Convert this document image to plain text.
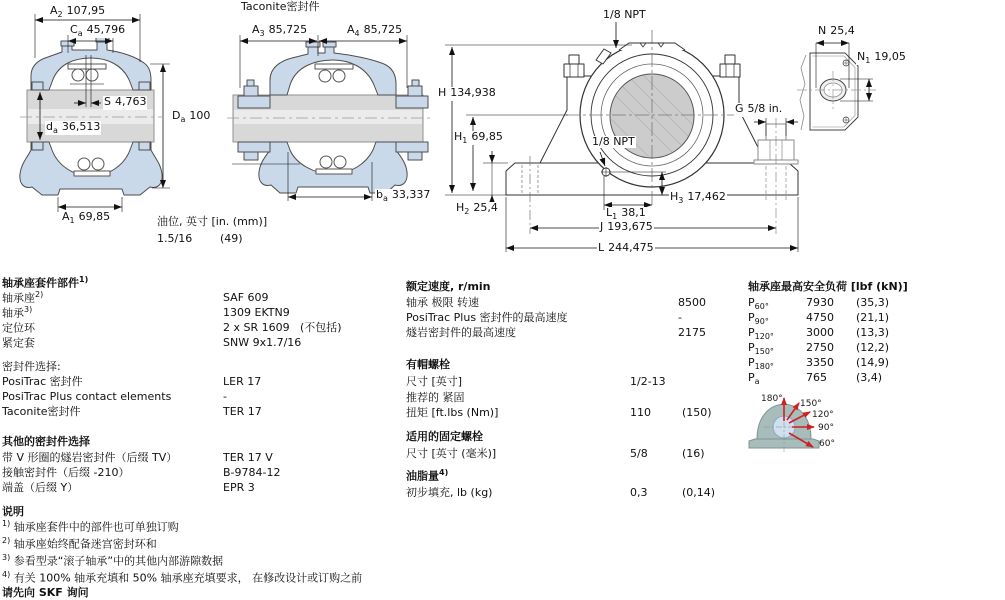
180° 150°
120°
90°
60°
$A_2$ 107,95
$C_a$ 45,796
S 4,763
$d_a$ 36,513
$D_a$ 100
$A_1$ 69,85
Taconite密封件
$A_3$ 85,725	$A_4$ 85,725
$b_a$ 33,337
1/8 NPT
H 134,938
$H_1$ 69,85	1/8 NPT
G 5/8 in.
$H_2$ 25,4
$H_3$ 17,462
$L_1$ 38,1
J 193,675
L 244,475
N 25,4
$N_1$ 19,05
油位, 英寸 [in. (mm)]
1.5/16	(49)
轴承座套件部件$^{1)}$
轴承座$^{2)}$	SAF 609
轴承$^{3)}$	1309 EKTN9
定位环	2 x SR 1609 (不包括)
紧定套	SNW 9x1.7/16
密封件选择:
PosiTrac 密封件	LER 17
PosiTrac Plus contact elements	-
Taconite密封件	TER 17
其他的密封件选择
带 V 形圈的燧岩密封件（后缀 TV）	TER 17 V
接触密封件（后缀 -210）	B-9784-12
端盖（后缀 Y）	EPR 3
额定速度, r/min
轴承 极限 转速	8500
PosiTrac Plus 密封件的最高速度	-
燧岩密封件的最高速度	2175
有帽螺栓
尺寸 [英寸]	1/2-13
推荐的 紧固
扭矩 [ft.lbs (Nm)]	110	(150)
适用的固定螺栓
尺寸 [英寸 (毫米)]	5/8	(16)
油脂量$^{4)}$
初步填充, lb (kg)	0,3	(0,14)
轴承座最高安全负荷 [lbf (kN)]
$P_{60^\circ}$	7930 (35,3)
$P_{90^\circ}$	4750 (21,1)
$P_{120^\circ}$	3000 (13,3)
$P_{150^\circ}$	2750 (12,2)
$P_{180^\circ}$	3350 (14,9)
$P_a$	765	(3,4)
说明
$^{1)}$ 轴承座套件中的部件也可单独订购
$^{2)}$ 轴承座始终配备迷宫密封环和
$^{3)}$ 参看型录“滚子轴承”中的其他内部游隙数据
$^{4)}$ 有关 100% 轴承充填和 50% 轴承座充填要求， 在修改设计或订购之前
请先向 SKF 询问
